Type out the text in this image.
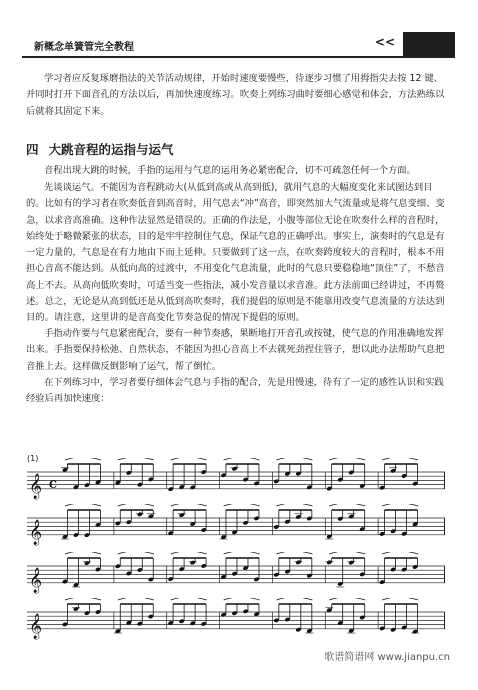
新概念单簧管完全教程	<<

学习者应反复琢磨指法的关节活动规律，开始时速度要慢些，待逐步习惯了用拇指尖去按 12 键、并同时打开下面音孔的方法以后，再加快速度练习。吹奏上列练习曲时要细心感觉和体会，方法熟练以后就将其固定下来。

四 大跳音程的运指与运气

音程出现大跳的时候，手指的运用与气息的运用务必紧密配合，切不可疏忽任何一个方面。

先谈谈运气。不能因为音程跳动大(从低到高或从高到低)，就用气息的大幅度变化来试图达到目的。比如有的学习者在吹奏低音到高音时，用气息去“冲”高音，即突然加大气流量或是将气息变细、变急，以求音高准确。这种作法显然是错误的。正确的作法是，小腹等部位无论在吹奏什么样的音程时，始终处于略微紧张的状态，目的是牢牢控制住气息，保证气息的正确呼出。事实上，演奏时的气息是有一定力量的，气息是在有力地由下而上延伸。只要做到了这一点，在吹奏跨度较大的音程时，根本不用担心音高不能达到。从低向高的过渡中，不用变化气息流量，此时的气息只要稳稳地“顶住”了，不愁音高上不去。从高向低吹奏时，可适当变一些指法，减小发音量以求音准。此方法前面已经讲过，不再赘述。总之，无论是从高到低还是从低到高吹奏时，我们提倡的原则是不能靠用改变气息流量的方法达到目的。请注意，这里讲的是音高变化节奏急促的情况下提倡的原则。

手指动作要与气息紧密配合，要有一种节奏感，果断地打开音孔或按键，使气息的作用准确地发挥出来。手指要保持松弛、自然状态，不能因为担心音高上不去就死劲捏住管子，想以此办法帮助气息把音推上去。这样做反倒影响了运气，帮了倒忙。

在下列练习中，学习者要仔细体会气息与手指的配合，先是用慢速，待有了一定的感性认识和实践经验后再加快速度：

(1)
𝄞 C
𝄞
𝄞
𝄞
歌谱简谱网 www.jianpu.cn
